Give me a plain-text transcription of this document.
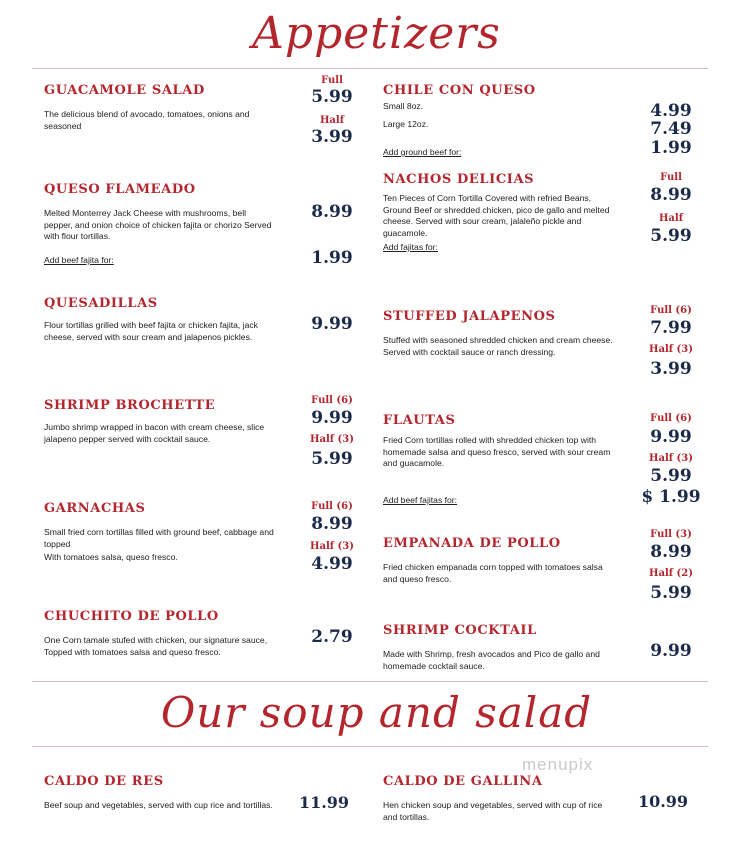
Appetizers
GUACAMOLE SALAD
The delicious blend of avocado, tomatoes, onions and seasoned
Full
5.99
Half
3.99
QUESO FLAMEADO
Melted Monterrey Jack Cheese with mushrooms, bell pepper, and onion choice of chicken fajita or chorizo Served with flour tortillas.
8.99
Add beef fajita for:	1.99
QUESADILLAS
Flour tortillas grilled with beef fajita or chicken fajita, jack cheese, served with sour cream and jalapenos pickles.
9.99
SHRIMP BROCHETTE
Jumbo shrimp wrapped in bacon with cream cheese, slice jalapeno pepper served with cocktail sauce.
Full (6)
9.99
Half (3)
5.99
GARNACHAS
Small fried corn tortillas filled with ground beef, cabbage and topped
With tomatoes salsa, queso fresco.
Full (6)
8.99
Half (3)
4.99
CHUCHITO DE POLLO
One Corn tamale stufed with chicken, our signature sauce, Topped with tomatoes salsa and queso fresco.
2.79
CHILE CON QUESO
Small 8oz.
Large 12oz.
4.99
7.49
Add ground beef for:	1.99
NACHOS DELICIAS
Ten Pieces of Corn Tortilla Covered with refried Beans, Ground Beef or shredded chicken, pico de gallo and melted cheese. Served with sour cream, jalaleño pickle and guacamole.
Add fajitas for:
Full
8.99
Half
5.99
STUFFED JALAPENOS
Stuffed with seasoned shredded chicken and cream cheese. Served with cocktail sauce or ranch dressing.
Full (6)
7.99
Half (3)
3.99
FLAUTAS
Fried Corn tortillas rolled with shredded chicken top with homemade salsa and queso fresco, served with sour cream and guacamole.
Add beef fajitas for:
Full (6)
9.99
Half (3)
5.99
$ 1.99
EMPANADA DE POLLO
Fried chicken empanada corn topped with tomatoes salsa and queso fresco.
Full (3)
8.99
Half (2)
5.99
SHRIMP COCKTAIL
Made with Shrimp, fresh avocados and Pico de gallo and homemade cocktail sauce.
9.99
Our soup and salad
menupix
CALDO DE RES
Beef soup and vegetables, served with cup rice and tortillas.	11.99
CALDO DE GALLINA
Hen chicken soup and vegetables, served with cup of rice and tortillas.
10.99
